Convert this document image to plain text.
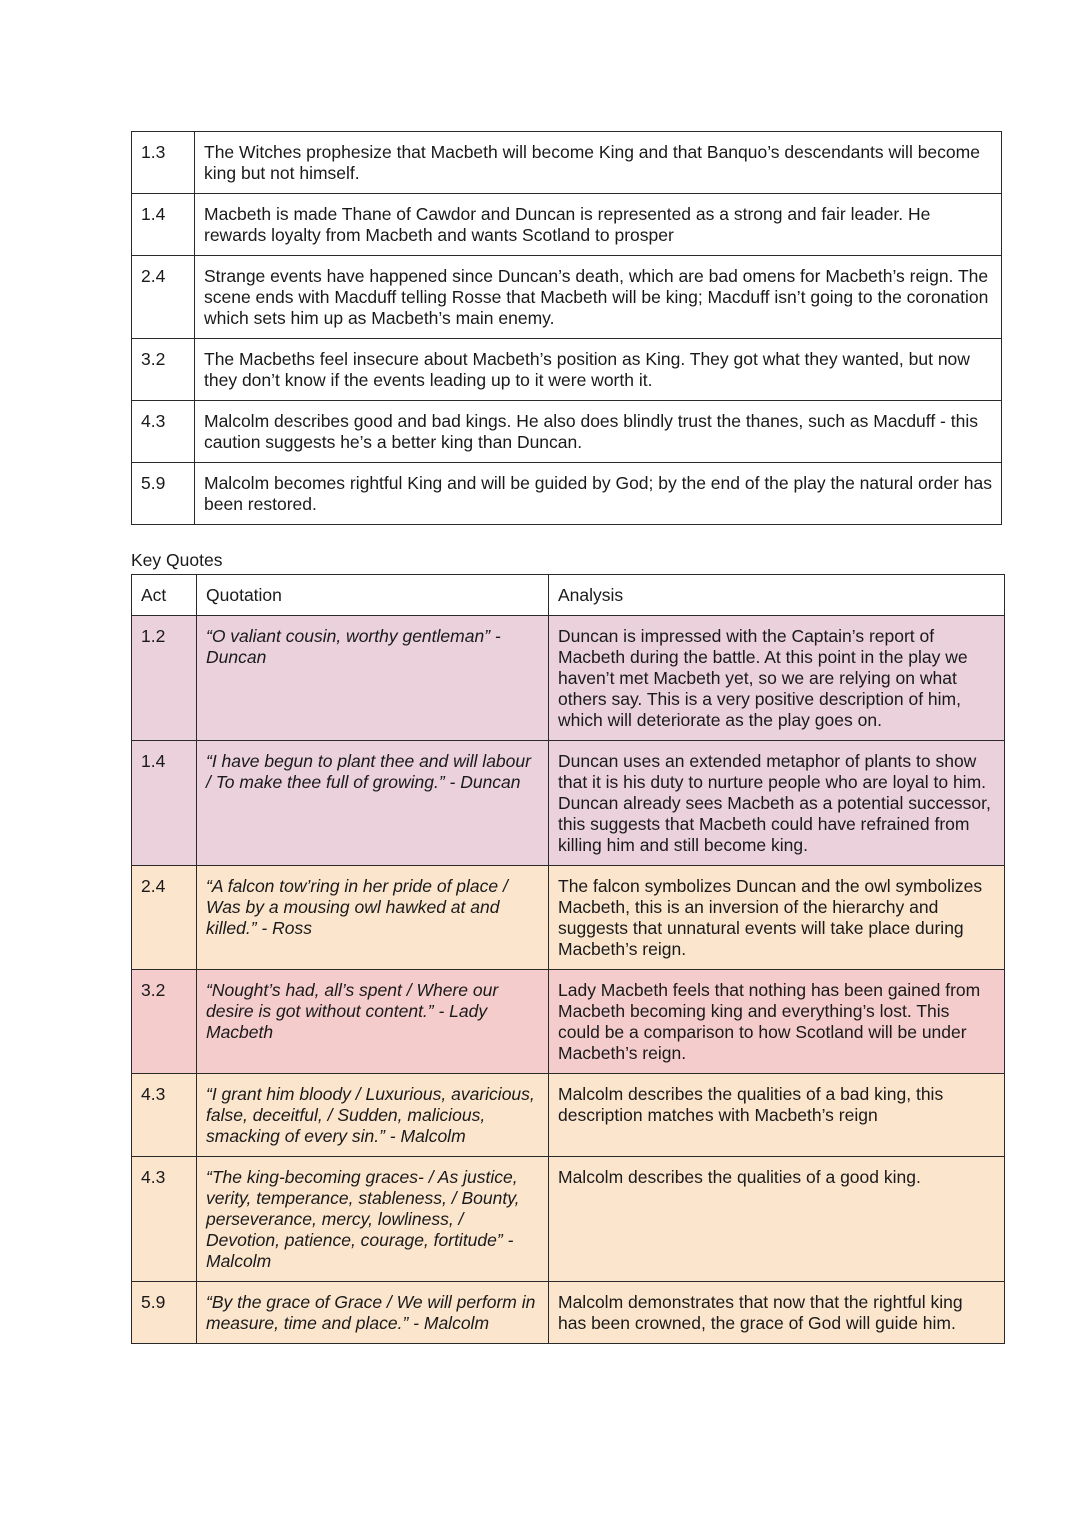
1.3	The Witches prophesize that Macbeth will become King and that Banquo’s descendants will become king but not himself.
1.4	Macbeth is made Thane of Cawdor and Duncan is represented as a strong and fair leader. He rewards loyalty from Macbeth and wants Scotland to prosper
2.4	Strange events have happened since Duncan’s death, which are bad omens for Macbeth’s reign. The scene ends with Macduff telling Rosse that Macbeth will be king; Macduff isn’t going to the coronation which sets him up as Macbeth’s main enemy.
3.2	The Macbeths feel insecure about Macbeth’s position as King. They got what they wanted, but now they don’t know if the events leading up to it were worth it.
4.3	Malcolm describes good and bad kings. He also does blindly trust the thanes, such as Macduff - this caution suggests he’s a better king than Duncan.
5.9	Malcolm becomes rightful King and will be guided by God; by the end of the play the natural order has been restored.
Key Quotes
Act	Quotation	Analysis
1.2	“O valiant cousin, worthy gentleman” - Duncan	Duncan is impressed with the Captain’s report of Macbeth during the battle. At this point in the play we haven’t met Macbeth yet, so we are relying on what others say. This is a very positive description of him, which will deteriorate as the play goes on.
1.4	“I have begun to plant thee and will labour / To make thee full of growing.” - Duncan	Duncan uses an extended metaphor of plants to show that it is his duty to nurture people who are loyal to him. Duncan already sees Macbeth as a potential successor, this suggests that Macbeth could have refrained from killing him and still become king.
2.4	“A falcon tow’ring in her pride of place / Was by a mousing owl hawked at and killed.” - Ross	The falcon symbolizes Duncan and the owl symbolizes Macbeth, this is an inversion of the hierarchy and suggests that unnatural events will take place during Macbeth’s reign.
3.2	“Nought’s had, all’s spent / Where our desire is got without content.” - Lady Macbeth	Lady Macbeth feels that nothing has been gained from Macbeth becoming king and everything’s lost. This could be a comparison to how Scotland will be under Macbeth’s reign.
4.3	“I grant him bloody / Luxurious, avaricious, false, deceitful, / Sudden, malicious, smacking of every sin.” - Malcolm	Malcolm describes the qualities of a bad king, this description matches with Macbeth’s reign
4.3	“The king-becoming graces- / As justice, verity, temperance, stableness, / Bounty, perseverance, mercy, lowliness, / Devotion, patience, courage, fortitude” - Malcolm	Malcolm describes the qualities of a good king.
5.9	“By the grace of Grace / We will perform in measure, time and place.” - Malcolm	Malcolm demonstrates that now that the rightful king has been crowned, the grace of God will guide him.
